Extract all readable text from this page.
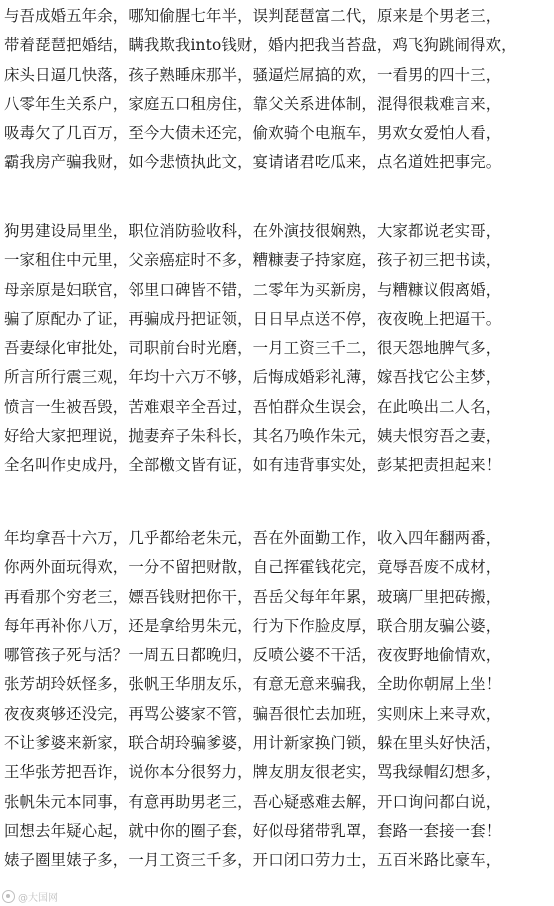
与吾成婚五年余，哪知偷腥七年半，误判琵琶富二代，原来是个男老三，
带着琵琶把婚结，瞒我欺我into钱财，婚内把我当苔盘，鸡飞狗跳闹得欢，
床头日逼几快落，孩子熟睡床那半，骚逼烂屌搞的欢，一看男的四十三，
八零年生关系户，家庭五口租房住，靠父关系进体制，混得很栽难言来，
吸毒欠了几百万，至今大债未还完，偷欢骑个电瓶车，男欢女爱怕人看，
霸我房产骗我财，如今悲愤执此文，宴请诸君吃瓜来，点名道姓把事完。
狗男建设局里坐，职位消防验收科，在外演技很娴熟，大家都说老实哥，
一家租住中元里，父亲癌症时不多，糟糠妻子持家庭，孩子初三把书读，
母亲原是妇联官，邻里口碑皆不错，二零年为买新房，与糟糠议假离婚，
骗了原配办了证，再骗成丹把证领，日日早点送不停，夜夜晚上把逼干。
吾妻绿化审批处，司职前台时光磨，一月工资三千二，很天怨地脾气多，
所言所行震三观，年均十六万不够，后悔成婚彩礼薄，嫁吾找它公主梦，
愤言一生被吾毁，苦难艰辛全吾过，吾怕群众生误会，在此唤出二人名，
好给大家把理说，抛妻弃子朱科长，其名乃唤作朱元，姨夫恨穷吾之妻，
全名叫作史成丹，全部檄文皆有证，如有违背事实处，彭某把责担起来！
年均拿吾十六万，几乎都给老朱元，吾在外面勤工作，收入四年翻两番，
你两外面玩得欢，一分不留把财散，自己挥霍钱花完，竟辱吾废不成材，
再看那个穷老三，嫖吾钱财把你干，吾岳父每年年累，玻璃厂里把砖搬，
每年再补你八万，还是拿给男朱元，行为下作脸皮厚，联合朋友骗公婆，
哪管孩子死与活？一周五日都晚归，反喷公婆不干活，夜夜野地偷情欢，
张芳胡玲妖怪多，张帆王华朋友乐，有意无意来骗我，全助你朝屌上坐！
夜夜爽够还没完，再骂公婆家不管，骗吾很忙去加班，实则床上来寻欢，
不让爹婆来新家，联合胡玲骗爹婆，用计新家换门锁，躲在里头好快活，
王华张芳把吾诈，说你本分很努力，牌友朋友很老实，骂我绿帽幻想多，
张帆朱元本同事，有意再助男老三，吾心疑惑难去解，开口询问都白说，
回想去年疑心起，就中你的圈子套，好似母猪带乳罩，套路一套接一套！
婊子圈里婊子多，一月工资三千多，开口闭口劳力士，五百米路比豪车，
@大国网
